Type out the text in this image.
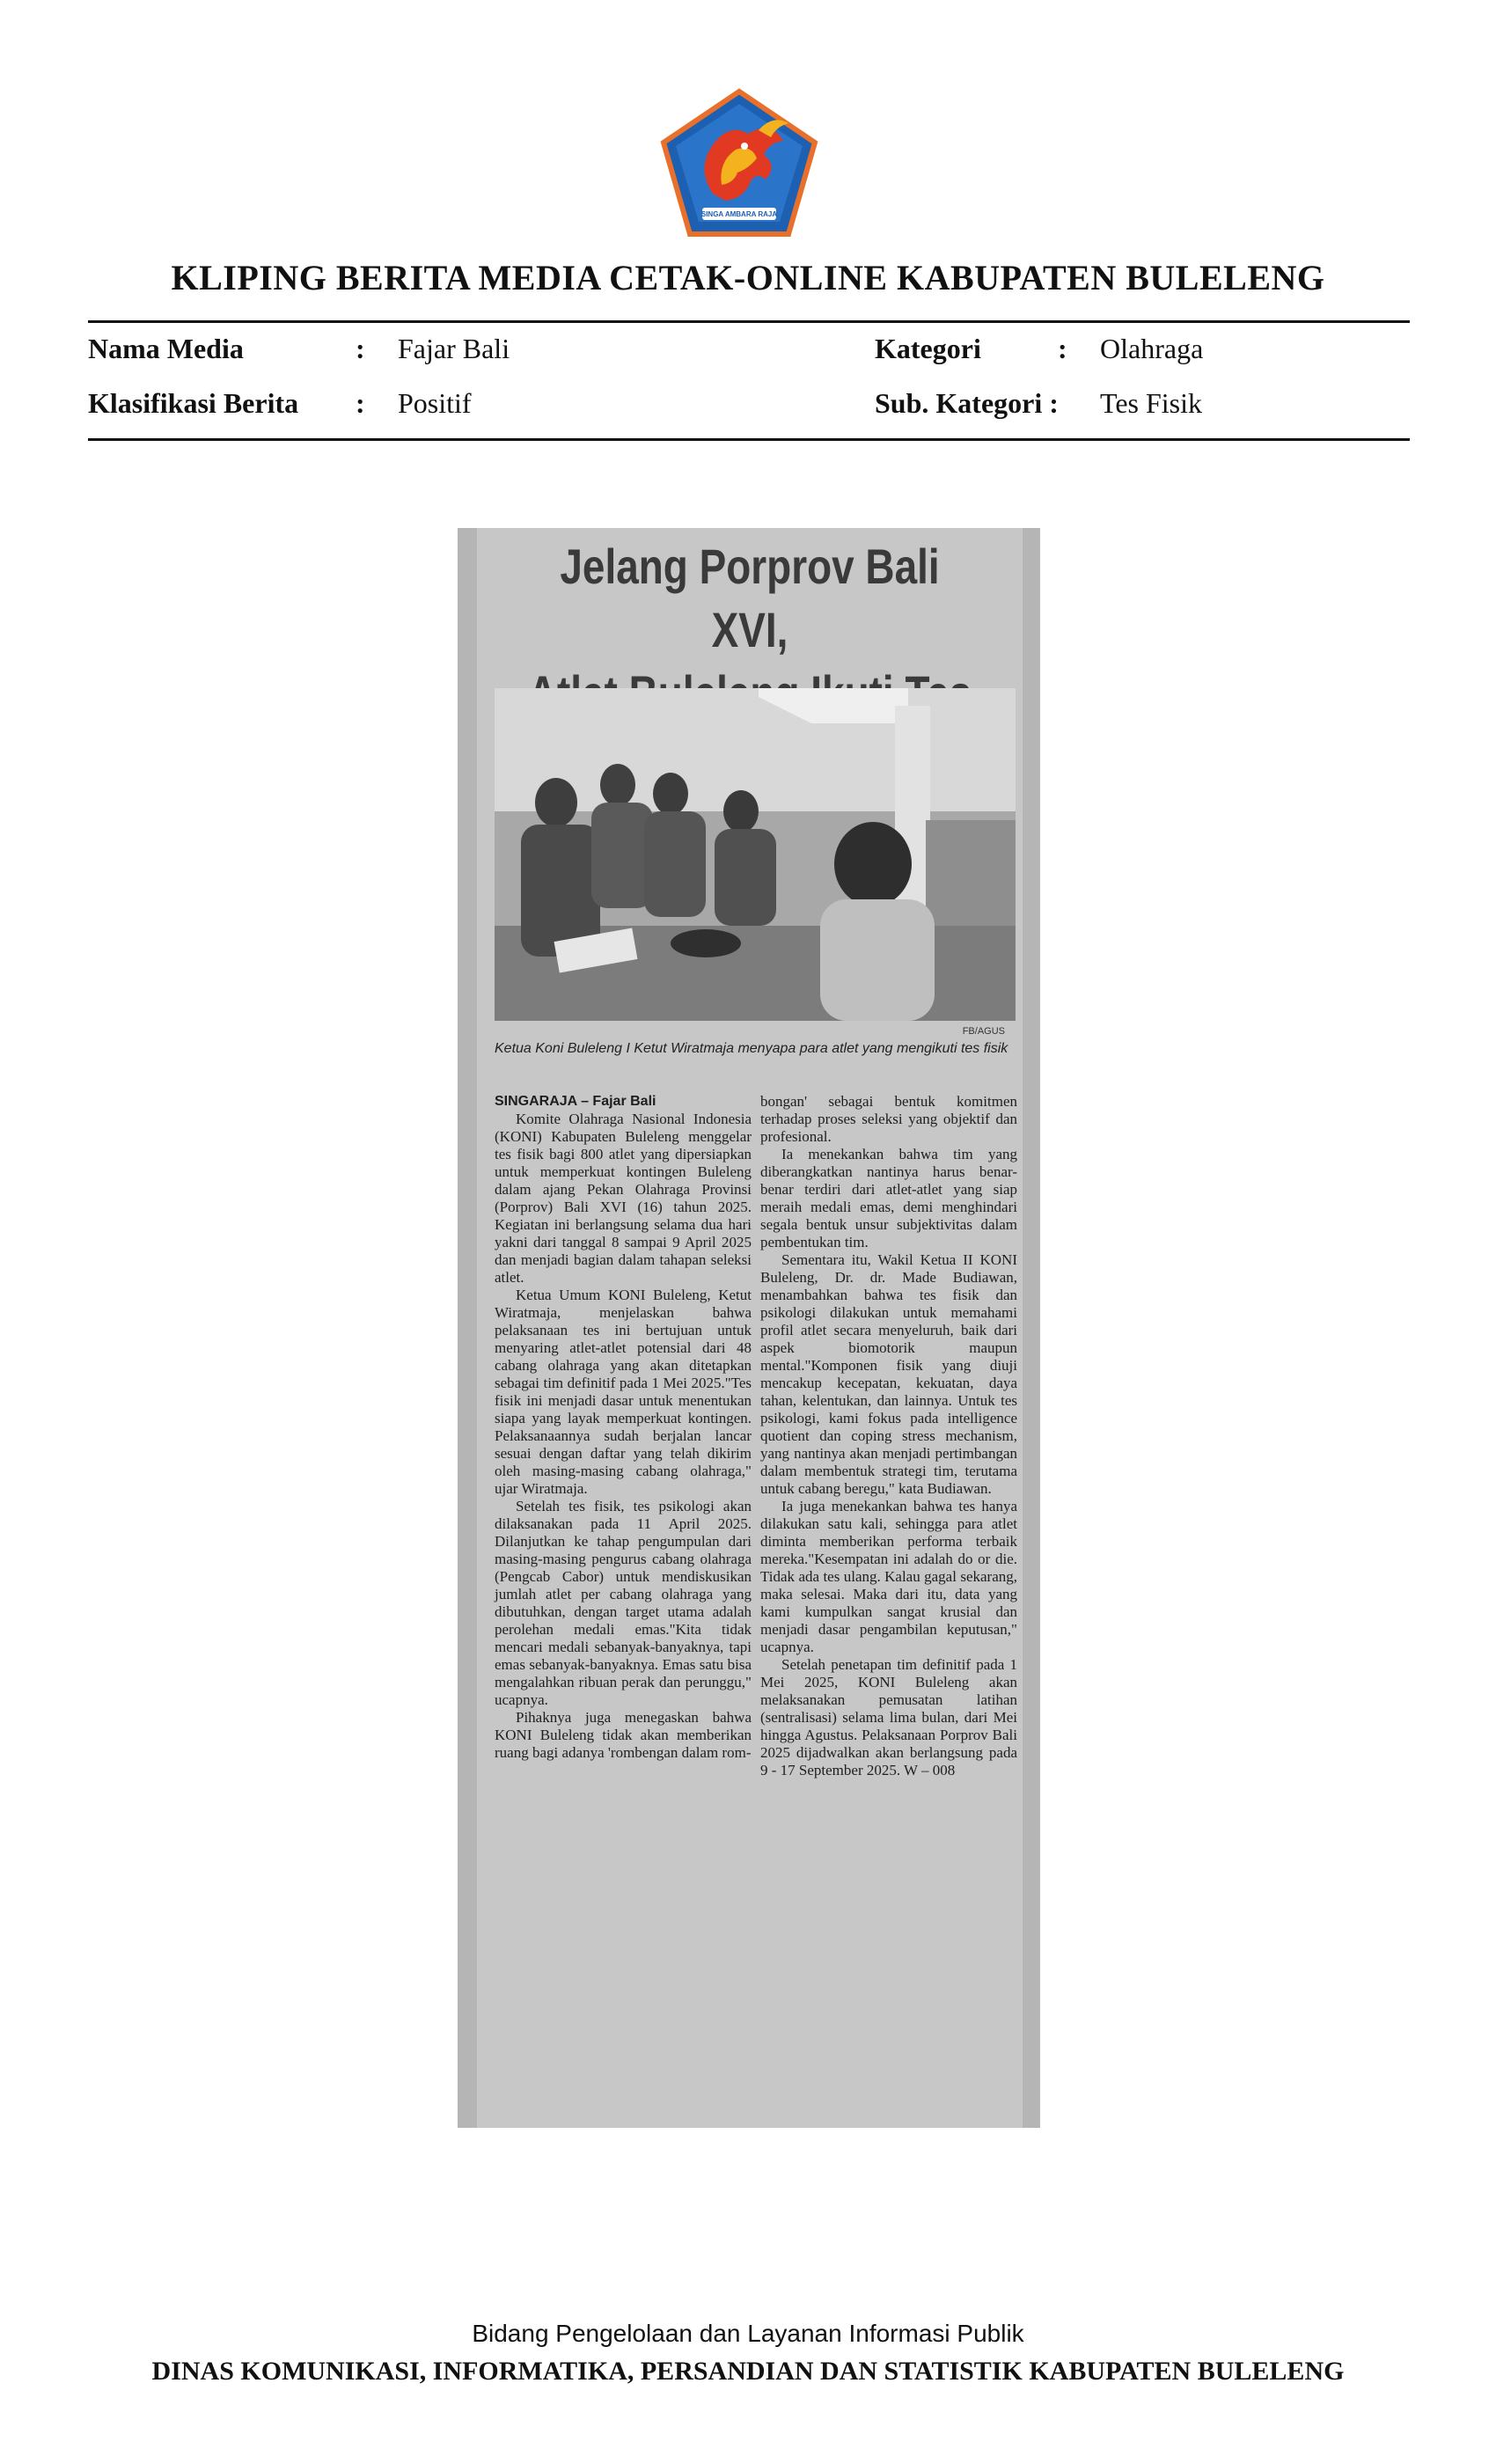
SINGA AMBARA RAJA
KLIPING BERITA MEDIA CETAK-ONLINE KABUPATEN BULELENG
Nama Media	: Fajar Bali	Kategori	: Olahraga
Klasifikasi Berita : Positif	Sub. Kategori : Tes Fisik
Jelang Porprov Bali XVI,
FB/AGUS
Ketua Koni Buleleng I Ketut Wiratmaja menyapa para atlet yang mengikuti tes fisik
SINGARAJA – Fajar Bali

Komite Olahraga Nasional Indonesia (KONI) Kabupaten Buleleng menggelar tes fisik bagi 800 atlet yang dipersiapkan untuk memperkuat kontingen Buleleng dalam ajang Pekan Olahraga Provinsi (Porprov) Bali XVI (16) tahun 2025. Kegiatan ini berlangsung selama dua hari yakni dari tanggal 8 sampai 9 April 2025 dan menjadi bagian dalam tahapan seleksi atlet.

Ketua Umum KONI Buleleng, Ketut Wiratmaja, menjelaskan bahwa pelaksanaan tes ini bertujuan untuk menyaring atlet-atlet potensial dari 48 cabang olahraga yang akan ditetapkan sebagai tim definitif pada 1 Mei 2025."Tes fisik ini menjadi dasar untuk menentukan siapa yang layak memperkuat kontingen. Pelaksanaannya sudah berjalan lancar sesuai dengan daftar yang telah dikirim oleh masing-masing cabang olahraga," ujar Wiratmaja.

Setelah tes fisik, tes psikologi akan dilaksanakan pada 11 April 2025. Dilanjutkan ke tahap pengumpulan dari masing-masing pengurus cabang olahraga (Pengcab Cabor) untuk mendiskusikan jumlah atlet per cabang olahraga yang dibutuhkan, dengan target utama adalah perolehan medali emas."Kita tidak mencari medali sebanyak-banyaknya, tapi emas sebanyak-banyaknya. Emas satu bisa mengalahkan ribuan perak dan perunggu," ucapnya.

Pihaknya juga menegaskan bahwa KONI Buleleng tidak akan memberikan ruang bagi adanya 'rombengan dalam rom-

bongan' sebagai bentuk komitmen terhadap proses seleksi yang objektif dan profesional.

Ia menekankan bahwa tim yang diberangkatkan nantinya harus benar-benar terdiri dari atlet-atlet yang siap meraih medali emas, demi menghindari segala bentuk unsur subjektivitas dalam pembentukan tim.

Sementara itu, Wakil Ketua II KONI Buleleng, Dr. dr. Made Budiawan, menambahkan bahwa tes fisik dan psikologi dilakukan untuk memahami profil atlet secara menyeluruh, baik dari aspek biomotorik maupun mental."Komponen fisik yang diuji mencakup kecepatan, kekuatan, daya tahan, kelentukan, dan lainnya. Untuk tes psikologi, kami fokus pada intelligence quotient dan coping stress mechanism, yang nantinya akan menjadi pertimbangan dalam membentuk strategi tim, terutama untuk cabang beregu," kata Budiawan.

Ia juga menekankan bahwa tes hanya dilakukan satu kali, sehingga para atlet diminta memberikan performa terbaik mereka."Kesempatan ini adalah do or die. Tidak ada tes ulang. Kalau gagal sekarang, maka selesai. Maka dari itu, data yang kami kumpulkan sangat krusial dan menjadi dasar pengambilan keputusan," ucapnya.

Setelah penetapan tim definitif pada 1 Mei 2025, KONI Buleleng akan melaksanakan pemusatan latihan (sentralisasi) selama lima bulan, dari Mei hingga Agustus. Pelaksanaan Porprov Bali 2025 dijadwalkan akan berlangsung pada 9 - 17 September 2025. W – 008

Bidang Pengelolaan dan Layanan Informasi Publik
DINAS KOMUNIKASI, INFORMATIKA, PERSANDIAN DAN STATISTIK KABUPATEN BULELENG
